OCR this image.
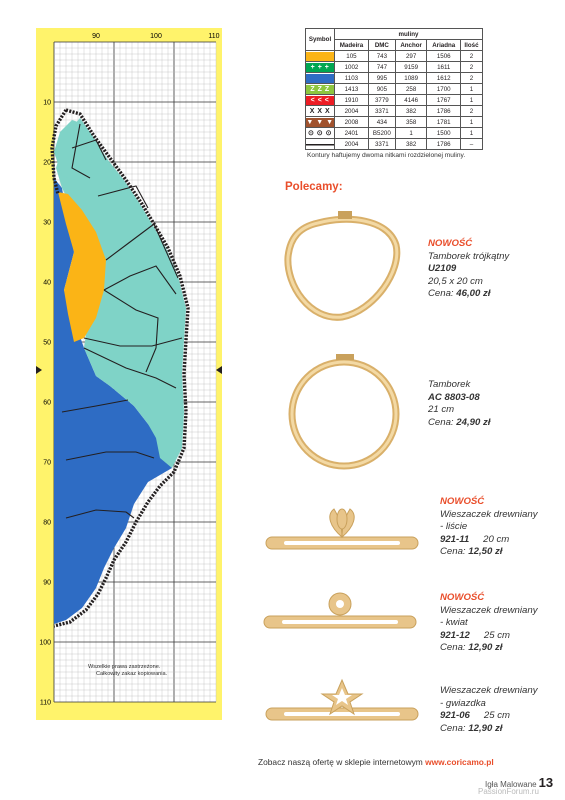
90	100	110
10
20
30
40
50
60
70
80
90
100
110
Wszelkie prawa zastrzeżone.
Całkowity zakaz kopiowania.
Symbol	muliny				
	Madeira	DMC	Anchor	Ariadna	Ilość

	105	743	297	1506	2

+ + +	1002	747	9159	1611	2

	1103	995	1089	1612	2

Z Z Z	1413	905	258	1700	1

< < <	1910	3779	4146	1767	1

X X X	2004	3371	382	1786	2

▼ ▼ ▼	2008	434	358	1781	1

⊙ ⊙ ⊙	2401	B5200	1	1500	1

	2004	3371	382	1786	–
Kontury haftujemy dwoma nitkami rozdzielonej muliny.
Polecamy:
NOWOŚĆ
Tamborek trójkątny
U2109
20,5 x 20 cm
Cena: 46,00 zł
Tamborek
AC 8803-08
21 cm
Cena: 24,90 zł
NOWOŚĆ
Wieszaczek drewniany
- liście
921-11 20 cm
Cena: 12,50 zł
NOWOŚĆ
Wieszaczek drewniany
- kwiat
921-12 25 cm
Cena: 12,90 zł
Wieszaczek drewniany
- gwiazdka
921-06 25 cm
Cena: 12,90 zł
Zobacz naszą ofertę w sklepie internetowym www.coricamo.pl
Igła Malowane 13
PassionForum.ru
